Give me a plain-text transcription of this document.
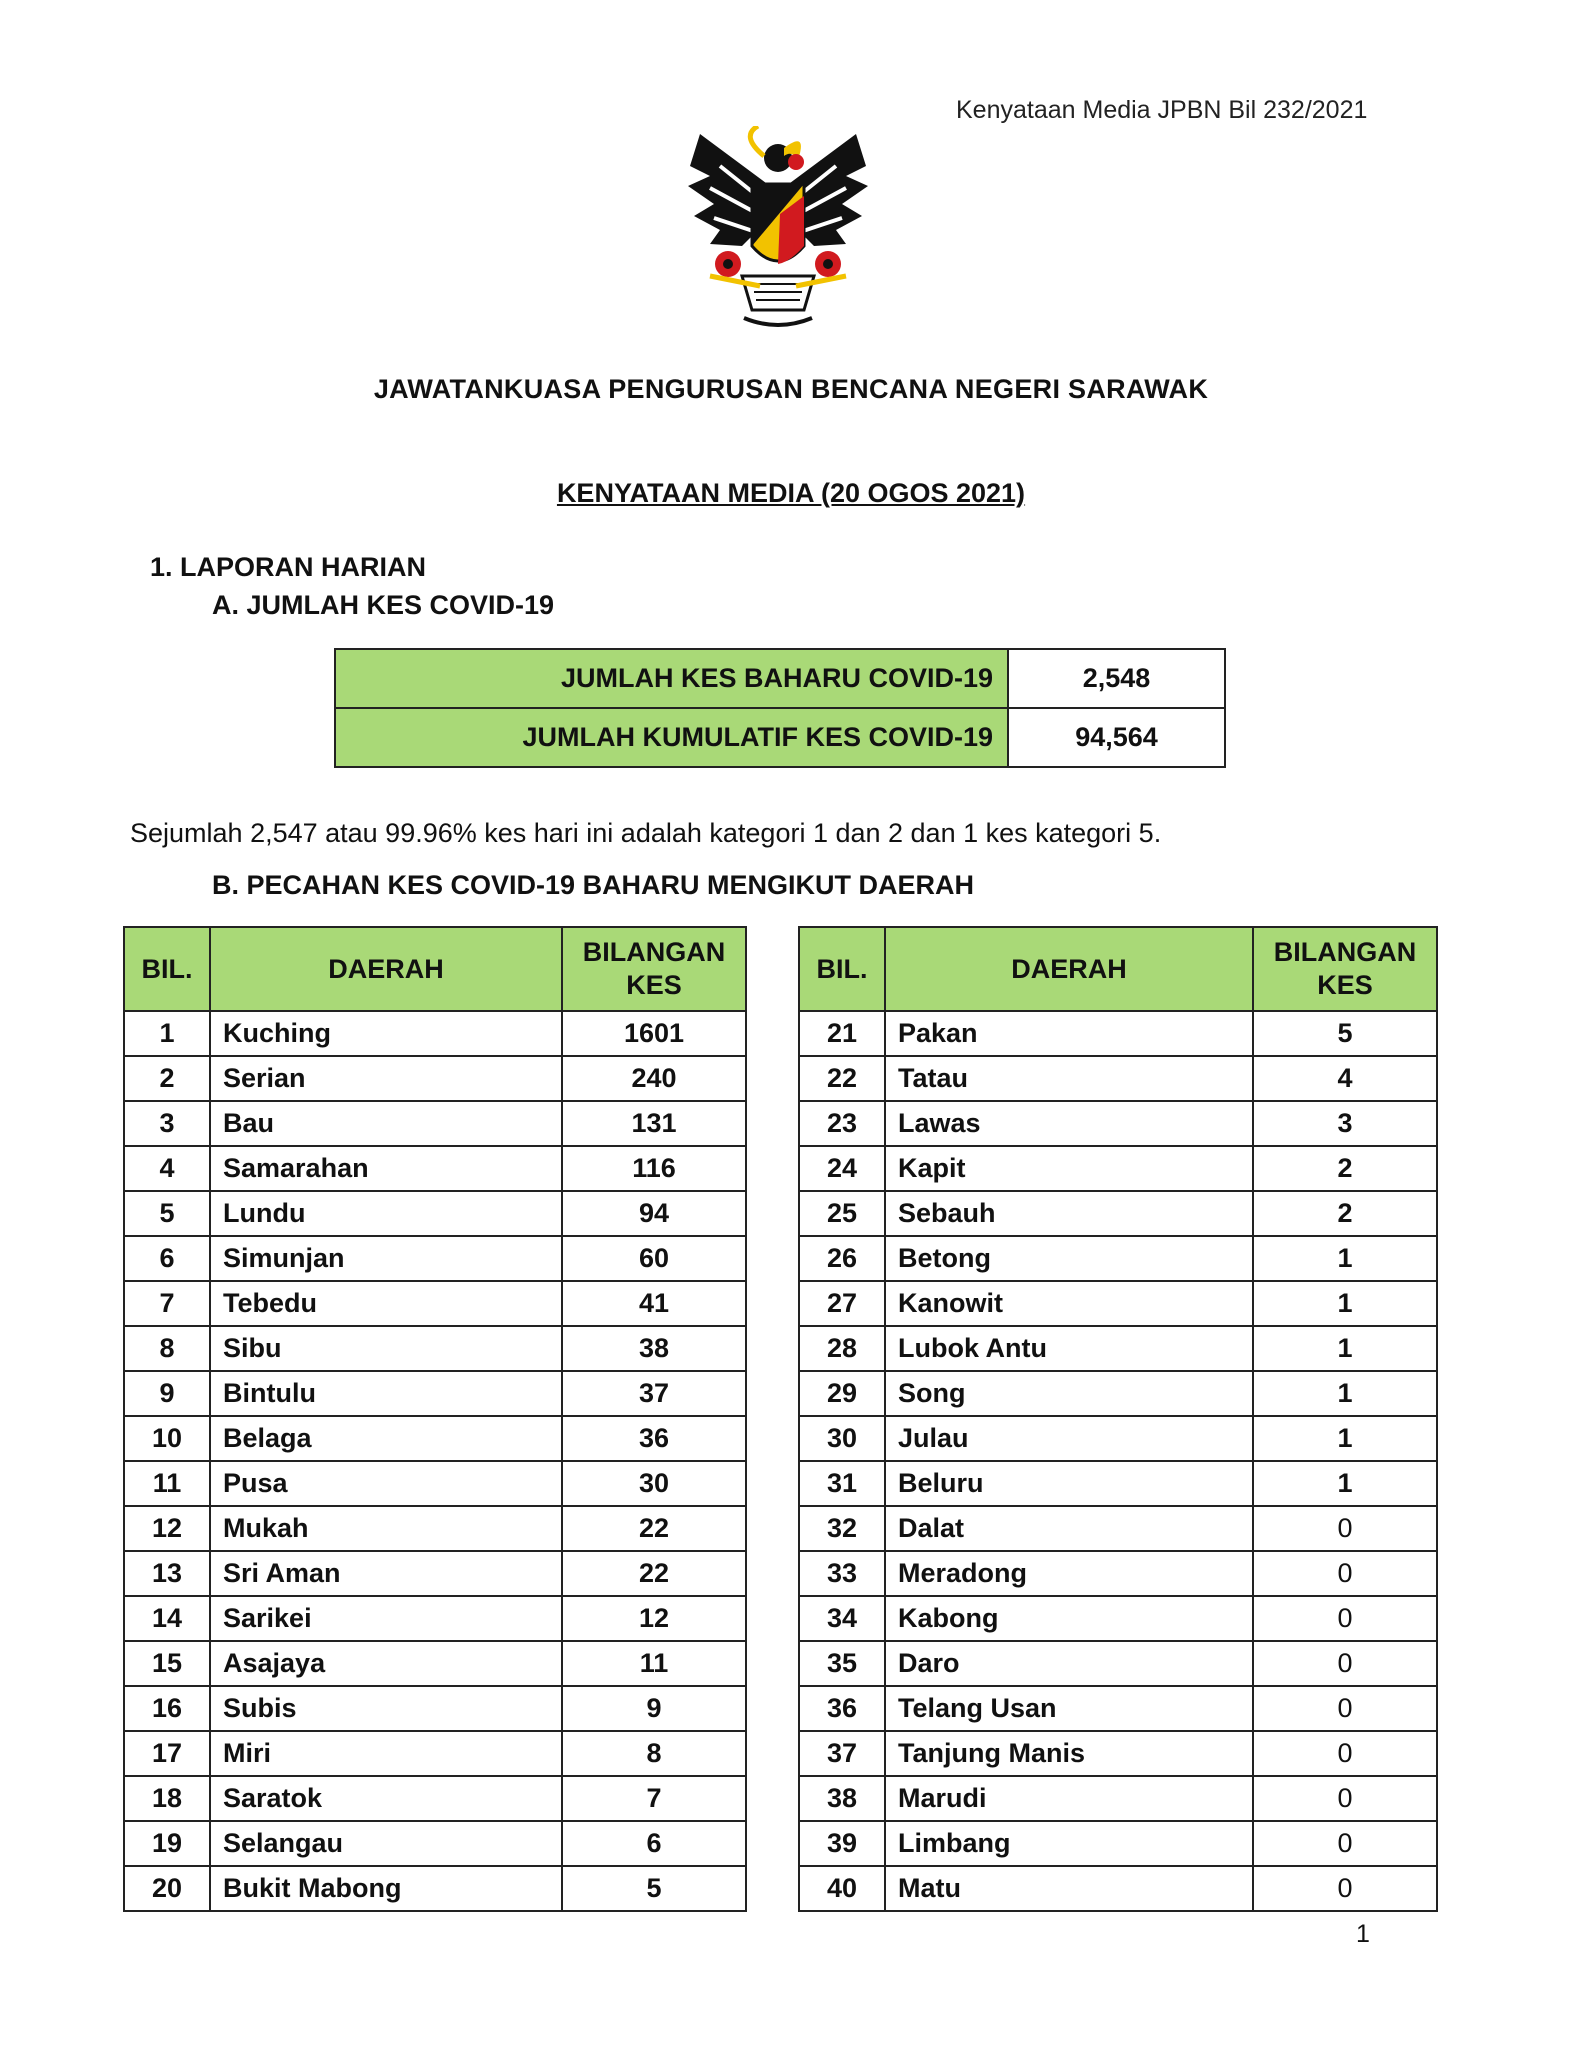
Kenyataan Media JPBN Bil 232/2021
JAWATANKUASA PENGURUSAN BENCANA NEGERI SARAWAK
KENYATAAN MEDIA (20 OGOS 2021)
1. LAPORAN HARIAN
A. JUMLAH KES COVID-19
JUMLAH KES BAHARU COVID-19	2,548
JUMLAH KUMULATIF KES COVID-19	94,564
Sejumlah 2,547 atau 99.96% kes hari ini adalah kategori 1 dan 2 dan 1 kes kategori 5.
B. PECAHAN KES COVID-19 BAHARU MENGIKUT DAERAH
BIL.	DAERAH	BILANGAN
KES
1	Kuching	1601
2	Serian	240
3	Bau	131
4	Samarahan	116
5	Lundu	94
6	Simunjan	60
7	Tebedu	41
8	Sibu	38
9	Bintulu	37
10	Belaga	36
11	Pusa	30
12	Mukah	22
13	Sri Aman	22
14	Sarikei	12
15	Asajaya	11
16	Subis	9
17	Miri	8
18	Saratok	7
19	Selangau	6
20	Bukit Mabong	5
BIL.	DAERAH	BILANGAN
KES
21	Pakan	5
22	Tatau	4
23	Lawas	3
24	Kapit	2
25	Sebauh	2
26	Betong	1
27	Kanowit	1
28	Lubok Antu	1
29	Song	1
30	Julau	1
31	Beluru	1
32	Dalat	0
33	Meradong	0
34	Kabong	0
35	Daro	0
36	Telang Usan	0
37	Tanjung Manis	0
38	Marudi	0
39	Limbang	0
40	Matu	0
1
